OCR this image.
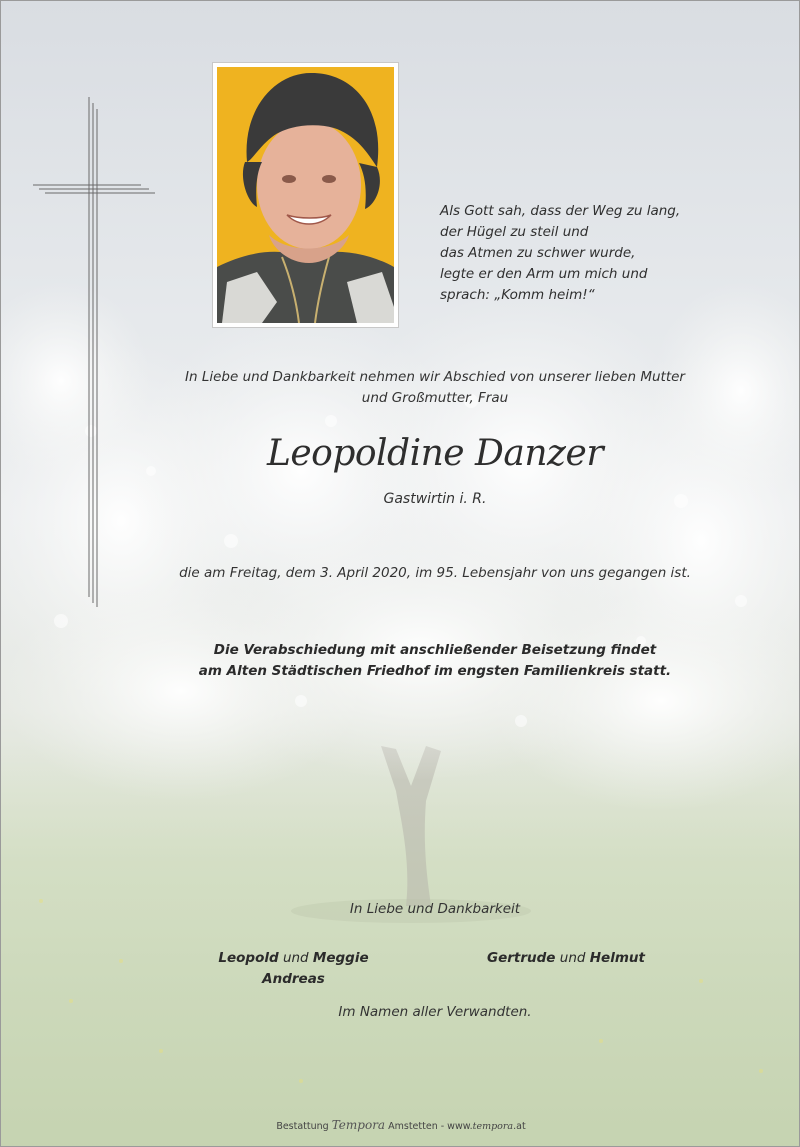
Als Gott sah, dass der Weg zu lang,
der Hügel zu steil und
das Atmen zu schwer wurde,
legte er den Arm um mich und
sprach: „Komm heim!“
In Liebe und Dankbarkeit nehmen wir Abschied von unserer lieben Mutter
und Großmutter, Frau
Leopoldine Danzer
Gastwirtin i. R.
die am Freitag, dem 3. April 2020, im 95. Lebensjahr von uns gegangen ist.
Die Verabschiedung mit anschließender Beisetzung findet
am Alten Städtischen Friedhof im engsten Familienkreis statt.
In Liebe und Dankbarkeit
Leopold und Meggie
Andreas
Gertrude und Helmut
Im Namen aller Verwandten.
Bestattung Tempora Amstetten - www.tempora.at
